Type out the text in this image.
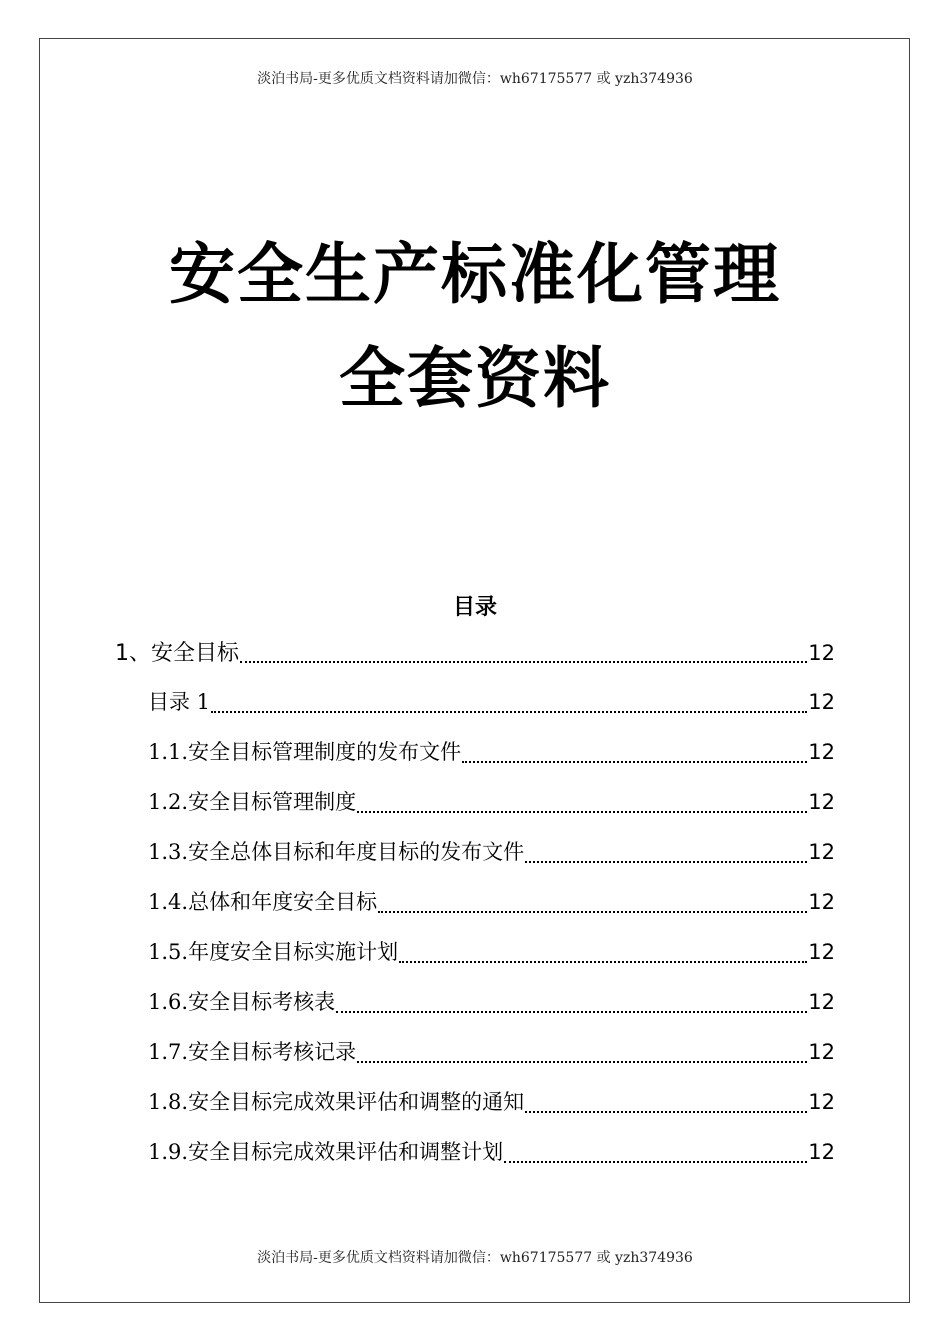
淡泊书局-更多优质文档资料请加微信：wh67175577 或 yzh374936
安全生产标准化管理
全套资料
目录
1、安全目标	12
目录 1	12
1.1.安全目标管理制度的发布文件	12
1.2.安全目标管理制度	12
1.3.安全总体目标和年度目标的发布文件	12
1.4.总体和年度安全目标	12
1.5.年度安全目标实施计划	12
1.6.安全目标考核表	12
1.7.安全目标考核记录	12
1.8.安全目标完成效果评估和调整的通知	12
1.9.安全目标完成效果评估和调整计划	12
淡泊书局-更多优质文档资料请加微信：wh67175577 或 yzh374936
